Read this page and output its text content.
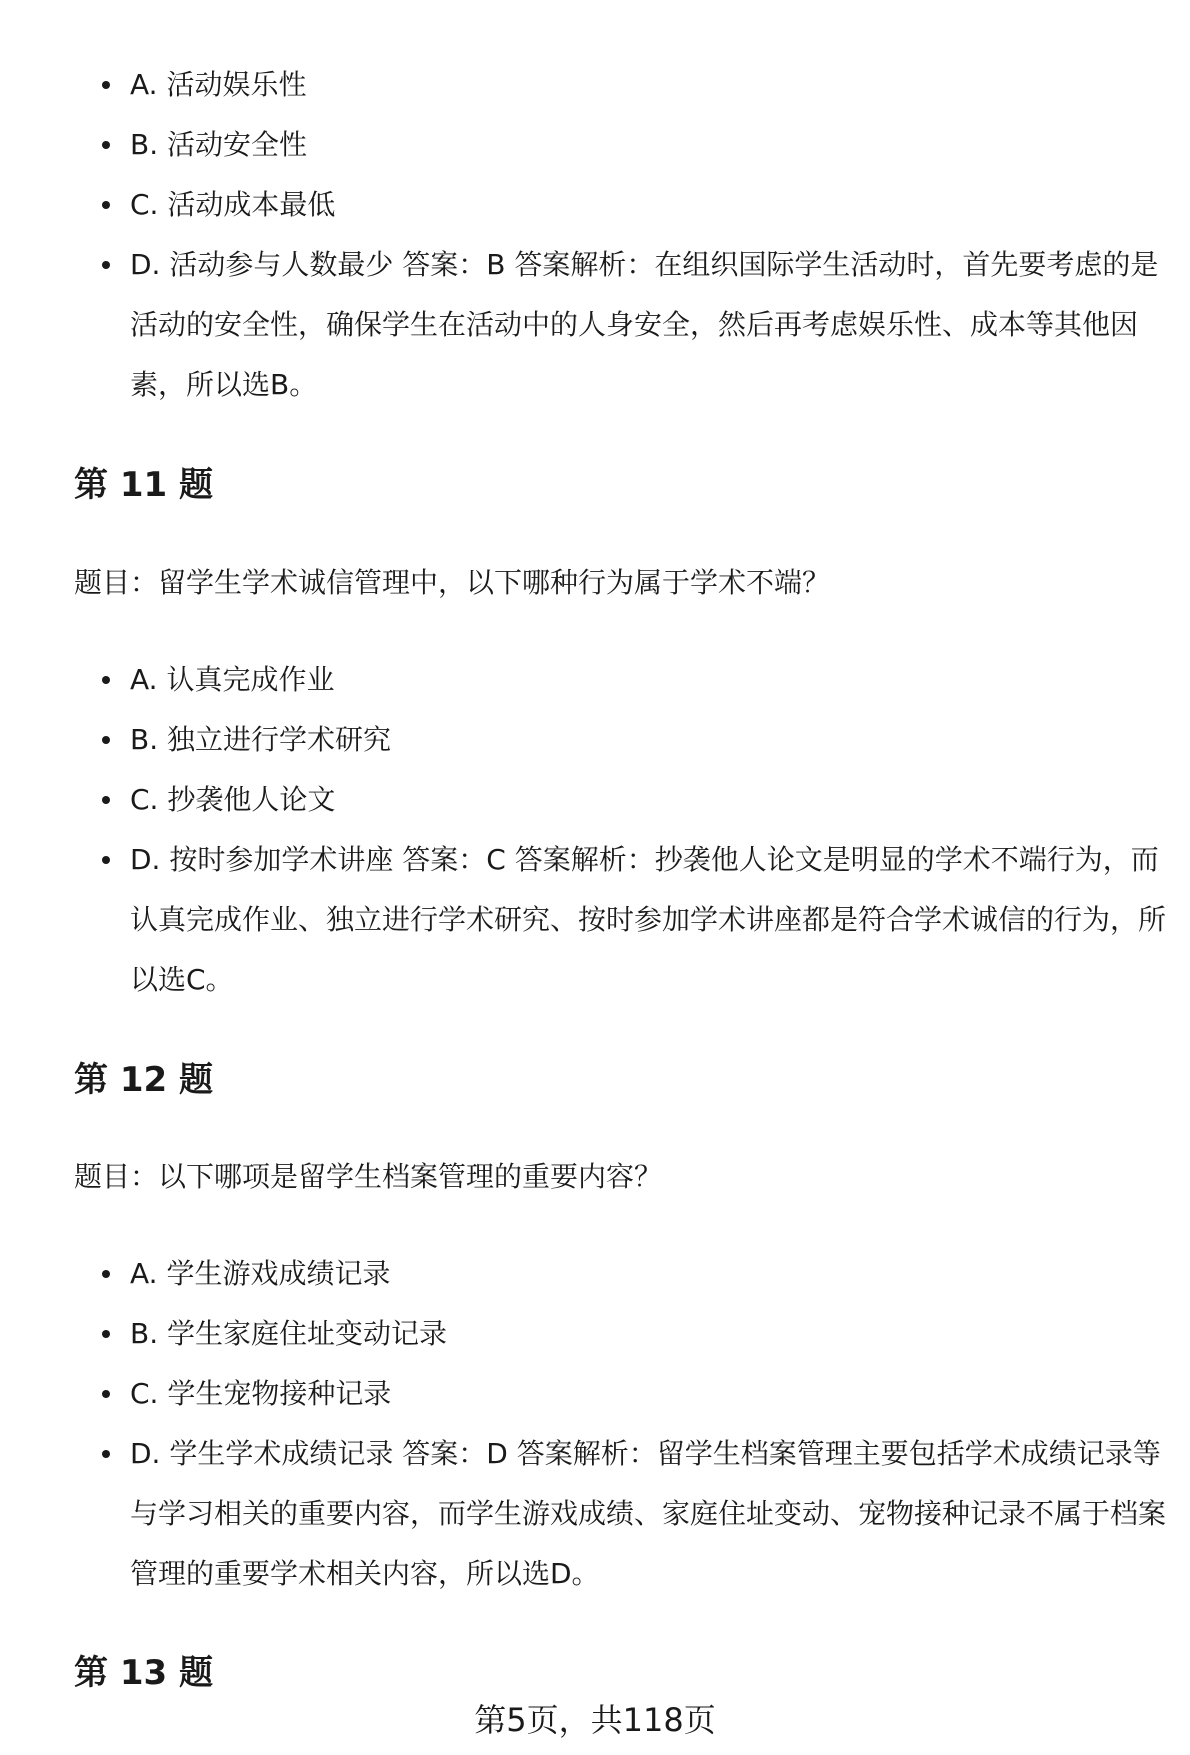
A. 活动娱乐性
B. 活动安全性
C. 活动成本最低
D. 活动参与人数最少 答案：B 答案解析：在组织国际学生活动时，首先要考虑的是活动的安全性，确保学生在活动中的人身安全，然后再考虑娱乐性、成本等其他因素，所以选B。
第 11 题
题目：留学生学术诚信管理中，以下哪种行为属于学术不端？
A. 认真完成作业
B. 独立进行学术研究
C. 抄袭他人论文
D. 按时参加学术讲座 答案：C 答案解析：抄袭他人论文是明显的学术不端行为，而认真完成作业、独立进行学术研究、按时参加学术讲座都是符合学术诚信的行为，所以选C。
第 12 题
题目：以下哪项是留学生档案管理的重要内容？
A. 学生游戏成绩记录
B. 学生家庭住址变动记录
C. 学生宠物接种记录
D. 学生学术成绩记录 答案：D 答案解析：留学生档案管理主要包括学术成绩记录等与学习相关的重要内容，而学生游戏成绩、家庭住址变动、宠物接种记录不属于档案管理的重要学术相关内容，所以选D。
第 13 题
第5页，共118页
